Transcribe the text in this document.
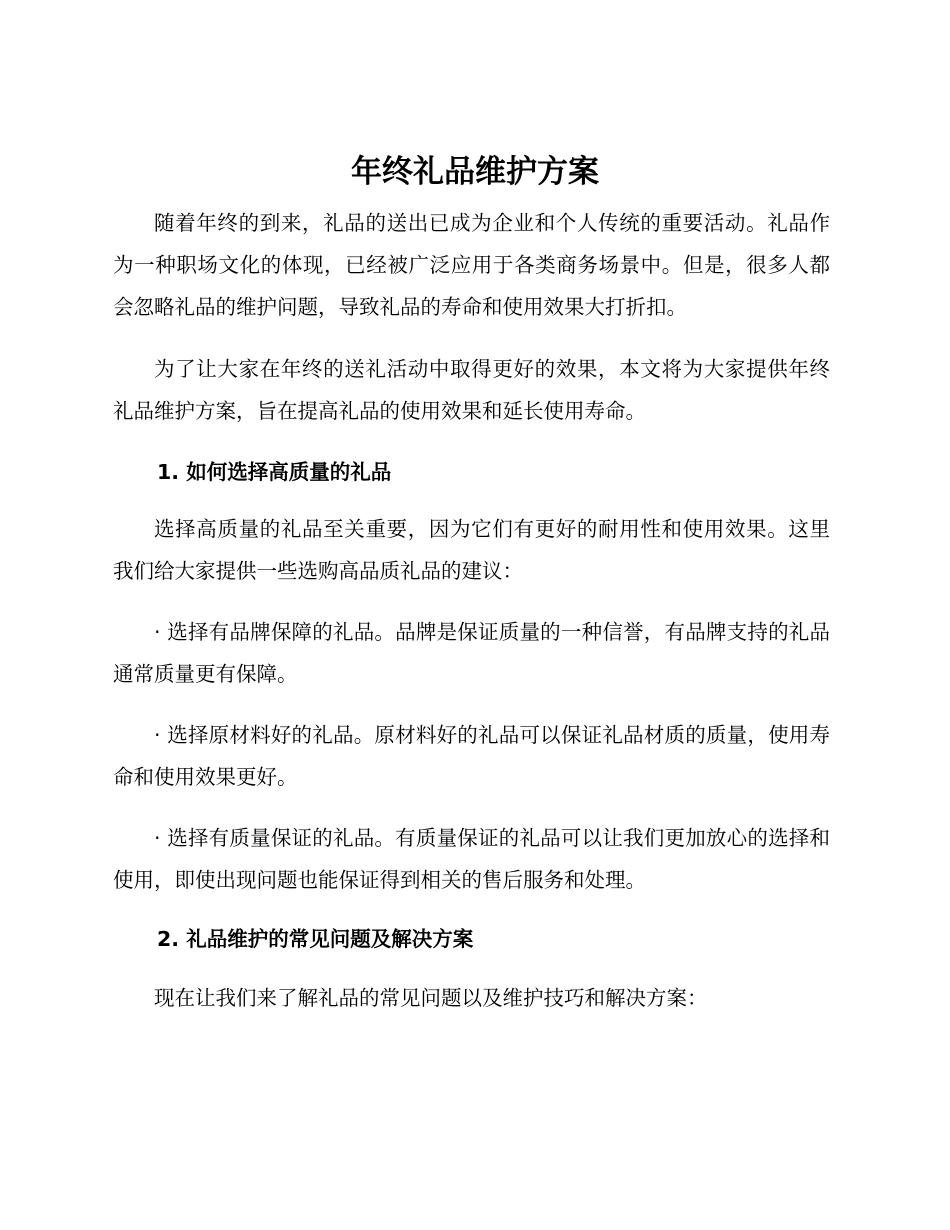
年终礼品维护方案

随着年终的到来，礼品的送出已成为企业和个人传统的重要活动。礼品作为一种职场文化的体现，已经被广泛应用于各类商务场景中。但是，很多人都会忽略礼品的维护问题，导致礼品的寿命和使用效果大打折扣。

为了让大家在年终的送礼活动中取得更好的效果，本文将为大家提供年终礼品维护方案，旨在提高礼品的使用效果和延长使用寿命。

1. 如何选择高质量的礼品

选择高质量的礼品至关重要，因为它们有更好的耐用性和使用效果。这里我们给大家提供一些选购高品质礼品的建议：

· 选择有品牌保障的礼品。品牌是保证质量的一种信誉，有品牌支持的礼品通常质量更有保障。

· 选择原材料好的礼品。原材料好的礼品可以保证礼品材质的质量，使用寿命和使用效果更好。

· 选择有质量保证的礼品。有质量保证的礼品可以让我们更加放心的选择和使用，即使出现问题也能保证得到相关的售后服务和处理。

2. 礼品维护的常见问题及解决方案

现在让我们来了解礼品的常见问题以及维护技巧和解决方案：
